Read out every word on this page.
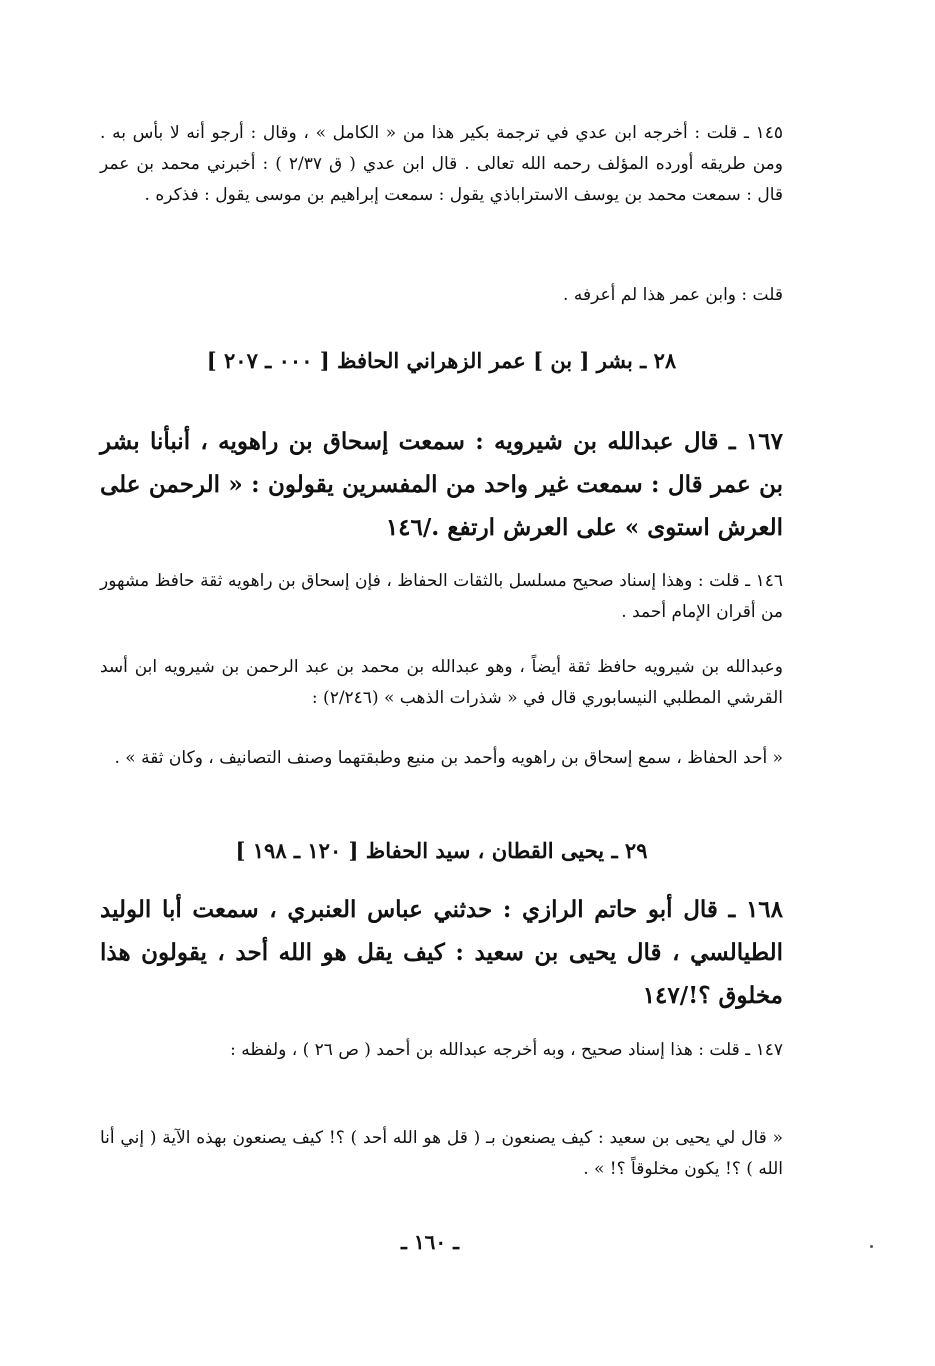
١٤٥ ـ قلت : أخرجه ابن عدي في ترجمة بكير هذا من « الكامل » ، وقال : أرجو أنه لا بأس به . ومن طريقه أورده المؤلف رحمه الله تعالى . قال ابن عدي ( ق ٢/٣٧ ) : أخبرني محمد بن عمر قال : سمعت محمد بن يوسف الاستراباذي يقول : سمعت إبراهيم بن موسى يقول : فذكره .

قلت : وابن عمر هذا لم أعرفه .

٢٨ ـ بشر [ بن ] عمر الزهراني الحافظ [ ٠٠٠ ـ ٢٠٧ ]

١٦٧ ـ قال عبدالله بن شيرويه : سمعت إسحاق بن راهويه ، أنبأنا بشر بن عمر قال : سمعت غير واحد من المفسرين يقولون : « الرحمن على العرش استوى » على العرش ارتفع ./١٤٦

١٤٦ ـ قلت : وهذا إسناد صحيح مسلسل بالثقات الحفاظ ، فإن إسحاق بن راهويه ثقة حافظ مشهور من أقران الإمام أحمد .

وعبدالله بن شيرويه حافظ ثقة أيضاً ، وهو عبدالله بن محمد بن عبد الرحمن بن شيرويه ابن أسد القرشي المطلبي النيسابوري قال في « شذرات الذهب » (٢/٢٤٦) :

« أحد الحفاظ ، سمع إسحاق بن راهويه وأحمد بن منيع وطبقتهما وصنف التصانيف ، وكان ثقة » .

٢٩ ـ يحيى القطان ، سيد الحفاظ [ ١٢٠ ـ ١٩٨ ]

١٦٨ ـ قال أبو حاتم الرازي : حدثني عباس العنبري ، سمعت أبا الوليد الطيالسي ، قال يحيى بن سعيد : كيف يقل هو الله أحد ، يقولون هذا مخلوق ؟!/١٤٧

١٤٧ ـ قلت : هذا إسناد صحيح ، وبه أخرجه عبدالله بن أحمد ( ص ٢٦ ) ، ولفظه :

« قال لي يحيى بن سعيد : كيف يصنعون بـ ( قل هو الله أحد ) ؟! كيف يصنعون بهذه الآية ( إني أنا الله ) ؟! يكون مخلوقاً ؟! » .

ـ ١٦٠ ـ
